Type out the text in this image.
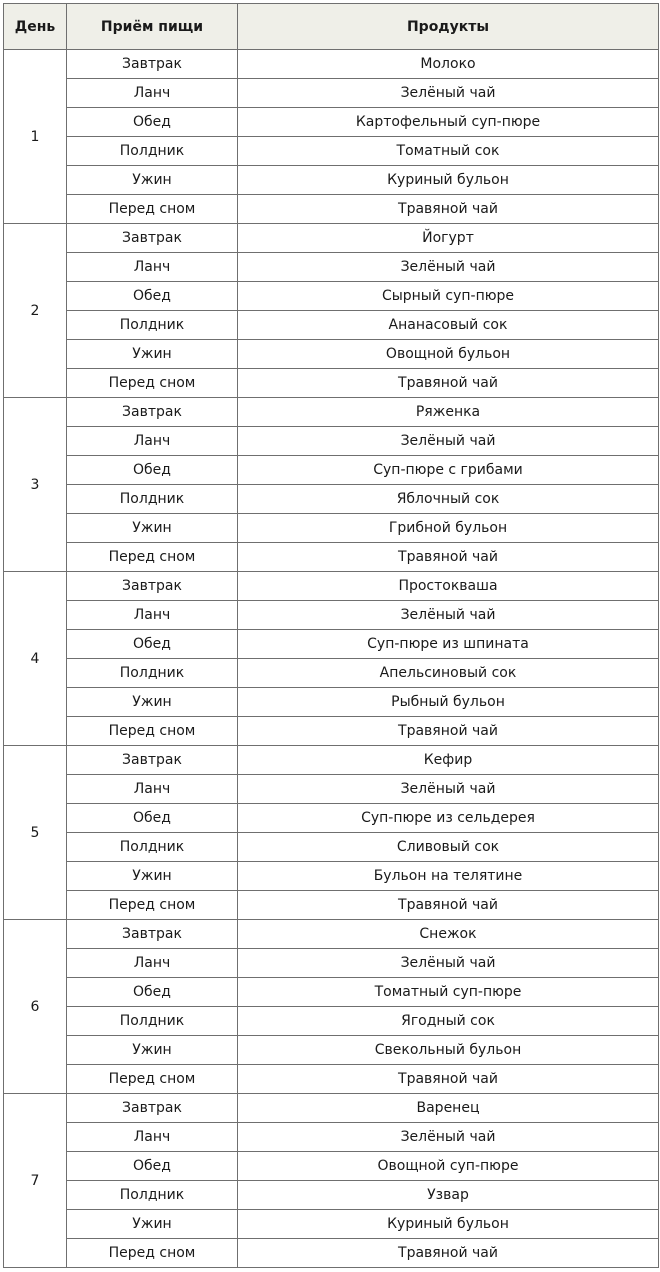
День	Приём пищи	Продукты
1	Завтрак	Молоко
	Ланч	Зелёный чай
	Обед	Картофельный суп-пюре
	Полдник	Томатный сок
	Ужин	Куриный бульон
	Перед сном	Травяной чай
2	Завтрак	Йогурт
	Ланч	Зелёный чай
	Обед	Сырный суп-пюре
	Полдник	Ананасовый сок
	Ужин	Овощной бульон
	Перед сном	Травяной чай
3	Завтрак	Ряженка
	Ланч	Зелёный чай
	Обед	Суп-пюре с грибами
	Полдник	Яблочный сок
	Ужин	Грибной бульон
	Перед сном	Травяной чай
4	Завтрак	Простокваша
	Ланч	Зелёный чай
	Обед	Суп-пюре из шпината
	Полдник	Апельсиновый сок
	Ужин	Рыбный бульон
	Перед сном	Травяной чай
5	Завтрак	Кефир
	Ланч	Зелёный чай
	Обед	Суп-пюре из сельдерея
	Полдник	Сливовый сок
	Ужин	Бульон на телятине
	Перед сном	Травяной чай
6	Завтрак	Снежок
	Ланч	Зелёный чай
	Обед	Томатный суп-пюре
	Полдник	Ягодный сок
	Ужин	Свекольный бульон
	Перед сном	Травяной чай
7	Завтрак	Варенец
	Ланч	Зелёный чай
	Обед	Овощной суп-пюре
	Полдник	Узвар
	Ужин	Куриный бульон
	Перед сном	Травяной чай
